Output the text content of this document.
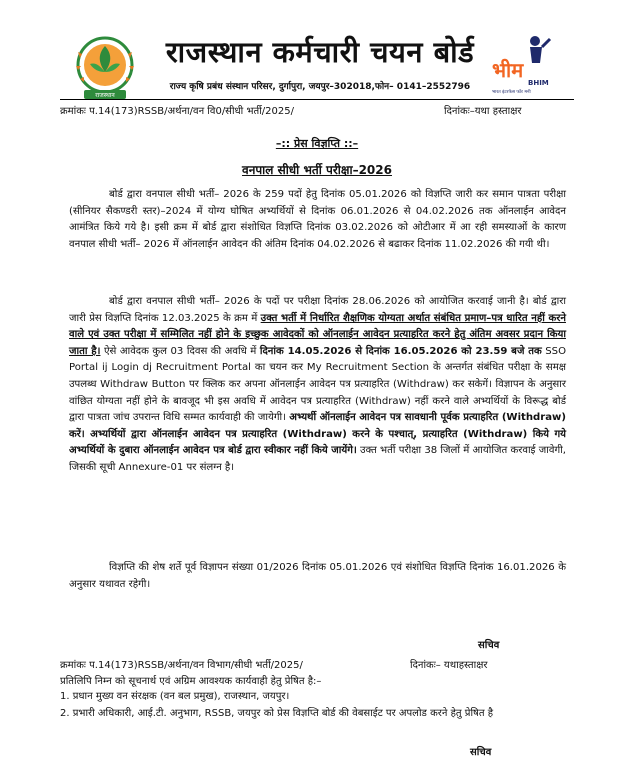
राजस्थान
राजस्थान कर्मचारी चयन बोर्ड
राज्य कृषि प्रबंध संस्थान परिसर, दुर्गापुरा, जयपुर–302018,फोन– 0141–2552796
भीम
BHIM
भारत इंटरफेस फॉर मनी
क्रमांकः प.14(173)RSSB/अर्थना/वन वि0/सीधी भर्ती/2025/	दिनांकः–यथा हस्ताक्षर
–:: प्रेस विज्ञप्ति ::–
वनपाल सीधी भर्ती परीक्षा–2026

बोर्ड द्वारा वनपाल सीधी भर्ती– 2026 के 259 पदों हेतु दिनांक 05.01.2026 को विज्ञप्ति जारी कर समान पात्रता परीक्षा (सीनियर सैकण्डरी स्तर)–2024 में योग्य घोषित अभ्यर्थियों से दिनांक 06.01.2026 से 04.02.2026 तक ऑनलाईन आवेदन आमंत्रित किये गये है। इसी क्रम में बोर्ड द्वारा संशोधित विज्ञप्ति दिनांक 03.02.2026 को ओटीआर में आ रही समस्याओं के कारण वनपाल सीधी भर्ती– 2026 में ऑनलाईन आवेदन की अंतिम दिनांक 04.02.2026 से बढाकर दिनांक 11.02.2026 की गयी थी।

बोर्ड द्वारा वनपाल सीधी भर्ती– 2026 के पदों पर परीक्षा दिनांक 28.06.2026 को आयोजित करवाई जानी है। बोर्ड द्वारा जारी प्रेस विज्ञप्ति दिनांक 12.03.2025 के क्रम में उक्त भर्ती में निर्धारित शैक्षणिक योग्यता अर्थात संबंधित प्रमाण–पत्र धारित नहीं करने वाले एवं उक्त परीक्षा में सम्मिलित नहीं होने के इच्छुक आवेदकों को ऑनलाईन आवेदन प्रत्याहरित करने हेतु अंतिम अवसर प्रदान किया जाता है। ऐसे आवेदक कुल 03 दिवस की अवधि में दिनांक 14.05.2026 से दिनांक 16.05.2026 को 23.59 बजे तक SSO Portal ij Login dj Recruitment Portal का चयन कर My Recruitment Section के अन्तर्गत संबंधित परीक्षा के समक्ष उपलब्ध Withdraw Button पर क्लिक कर अपना ऑनलाईन आवेदन पत्र प्रत्याहरित (Withdraw) कर सकेगें। विज्ञापन के अनुसार वांछित योग्यता नहीं होने के बावजूद भी इस अवधि में आवेदन पत्र प्रत्याहरित (Withdraw) नहीं करने वाले अभ्यर्थियों के विरूद्ध बोर्ड द्वारा पात्रता जांच उपरान्त विधि सम्मत कार्यवाही की जायेगी। अभ्यर्थी ऑनलाईन आवेदन पत्र सावधानी पूर्वक प्रत्याहरित (Withdraw) करें। अभ्यर्थियों द्वारा ऑनलाईन आवेदन पत्र प्रत्याहरित (Withdraw) करने के पश्चात्, प्रत्याहरित (Withdraw) किये गये अभ्यर्थियों के दुबारा ऑनलाईन आवेदन पत्र बोर्ड द्वारा स्वीकार नहीं किये जायेंगे। उक्त भर्ती परीक्षा 38 जिलों में आयोजित करवाई जावेगी, जिसकी सूची Annexure-01 पर संलग्न है।

विज्ञप्ति की शेष शर्ते पूर्व विज्ञापन संख्या 01/2026 दिनांक 05.01.2026 एवं संशोधित विज्ञप्ति दिनांक 16.01.2026 के अनुसार यथावत रहेगी।

सचिव
क्रमांकः प.14(173)RSSB/अर्थना/वन विभाग/सीधी भर्ती/2025/	दिनांकः– यथाहस्ताक्षर
प्रतिलिपि निम्न को सूचनार्थ एवं अग्रिम आवश्यक कार्यवाही हेतु प्रेषित है:–
1. प्रधान मुख्य वन संरक्षक (वन बल प्रमुख), राजस्थान, जयपुर।
2. प्रभारी अधिकारी, आई.टी. अनुभाग, RSSB, जयपुर को प्रेस विज्ञप्ति बोर्ड की वेबसाईट पर अपलोड करने हेतु प्रेषित है
सचिव
